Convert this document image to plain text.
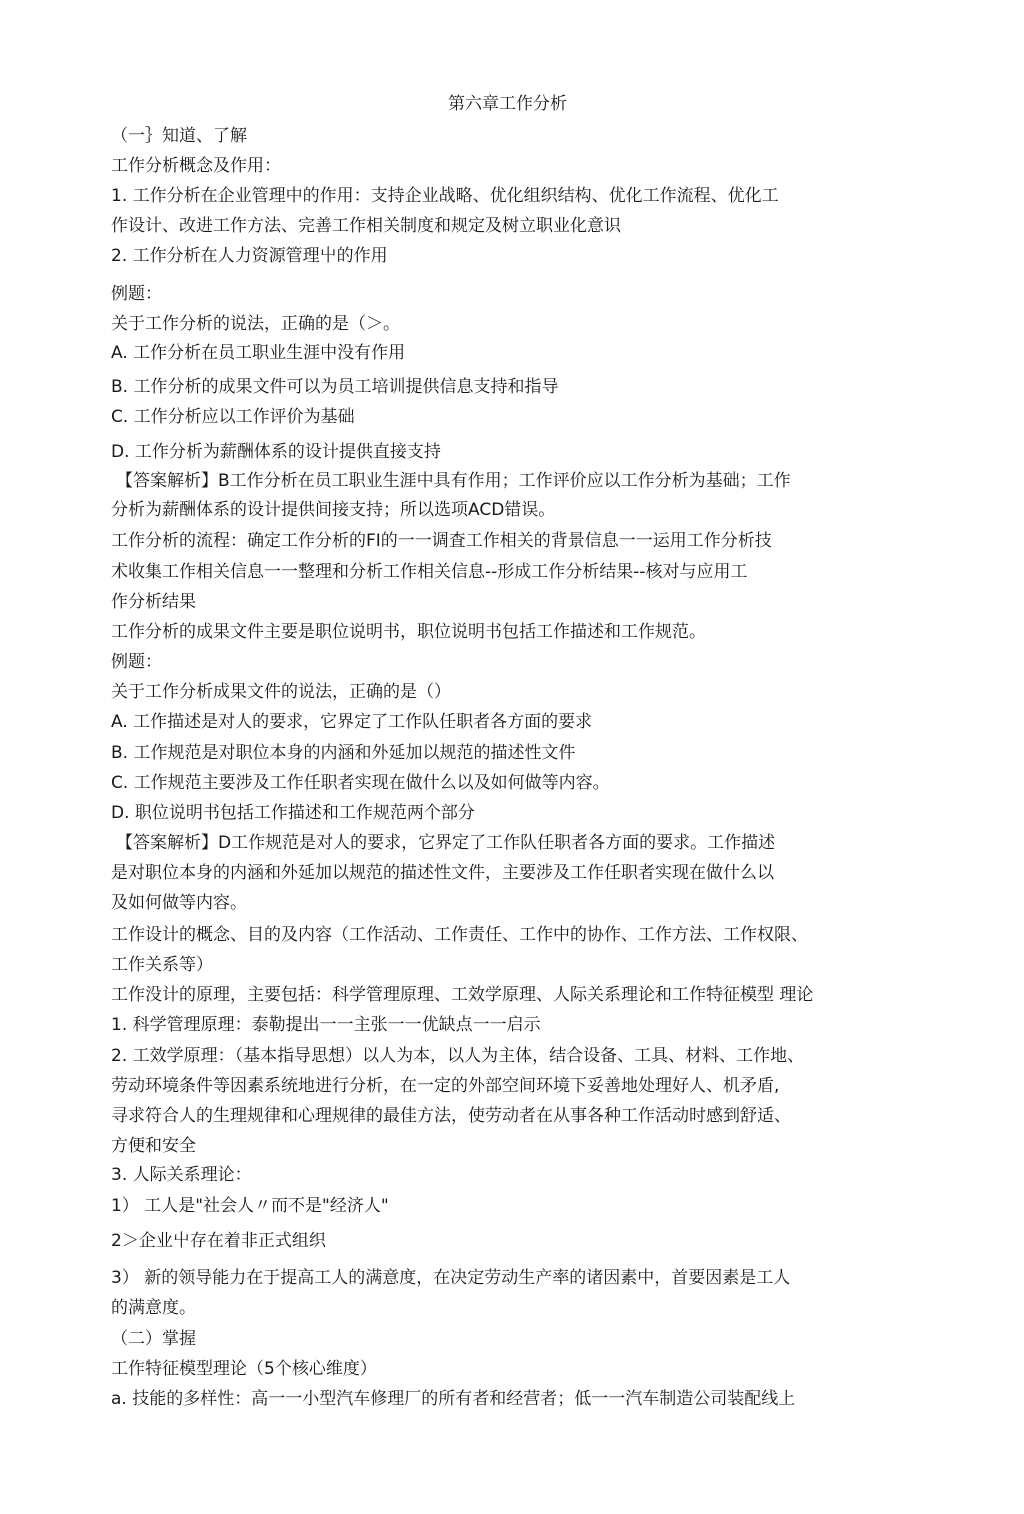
第六章工作分析
（一｝知道、了解
工作分析概念及作用：
1. 工作分析在企业管理中的作用：支持企业战略、优化组织结构、优化工作流程、优化工
作设计、改进工作方法、完善工作相关制度和规定及树立职业化意识
2. 工作分析在人力资源管理屮的作用
例题：
关于工作分析的说法，正确的是（＞。
A. 工作分析在员工职业生涯中没有作用
B. 工作分析的成果文件可以为员工培训提供信息支持和指导
C. 工作分析应以工作评价为基础
D. 工作分析为薪酬体系的设计提供直接支持
【答案解析】B工作分析在员工职业生涯中具有作用；工作评价应以工作分析为基础；工作
分析为薪酬体系的设计提供间接支持；所以选项ACD错误。
工作分析的流程：确定工作分析的FI的一一调査工作相关的背景信息一一运用工作分析技
术收集工作相关信息一一整理和分析工作相关信息--形成工作分析结果--核对与应用工
作分析结果
工作分析的成果文件主要是职位说明书，职位说明书包括工作描述和工作规范。
例题：
关于工作分析成果文件的说法，正确的是（）
A. 工作描述是对人的要求，它界定了工作队任职者各方面的要求
B. 工作规范是对职位本身的内涵和外延加以规范的描述性文件
C. 工作规范主要涉及工作任职者实现在做什么以及如何做等内容。
D. 职位说明书包括工作描述和工作规范两个部分
【答案解析】D工作规范是对人的要求，它界定了工作队任职者各方面的要求。工作描述
是对职位本身的内涵和外延加以规范的描述性文件，主要涉及工作任职者实现在做什么以
及如何做等内容。
工作设计的概念、目的及内容（工作活动、工作责任、工作中的协作、工作方法、工作权限、
工作关系等）
工作没计的原理，主要包括：科学管理原理、工效学原理、人际关系理论和工作特征模型 理论
1. 科学管理原理：泰勒提出一一主张一一优缺点一一启示
2. 工效学原理：（基本指导思想）以人为本，以人为主体，结合设备、工具、材料、工作地、
劳动环境条件等因素系统地进行分析，在一定的外部空间环境下妥善地处理好人、机矛盾,
寻求符合人的生理规律和心理规律的最佳方法，使劳动者在从事各种工作活动时感到舒适、
方便和安全
3. 人际关系理论：
1） 工人是"社会人〃而不是"经济人"
2＞企业屮存在着非正式组织
3） 新的领导能力在于提高工人的满意度，在决定劳动生产率的诸因素中，首要因素是工人
的满意度。
（二）掌握
工作特征模型理论（5个核心维度）
a. 技能的多样性：高一一小型汽车修理厂的所有者和经营者；低一一汽车制造公司装配线上
